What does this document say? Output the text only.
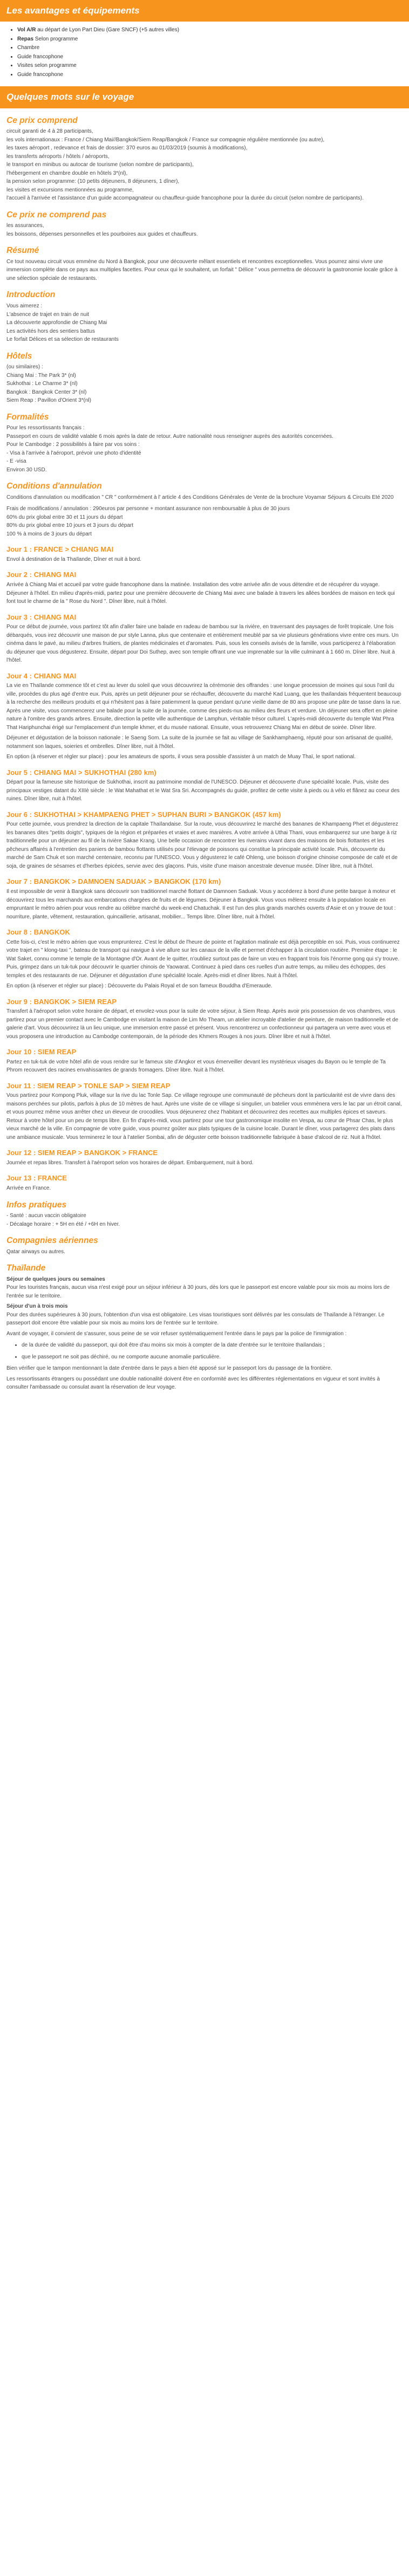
Les avantages et équipements
• Vol A/R au départ de Lyon Part Dieu (Gare SNCF) (+5 autres villes)
• Repas Selon programme
• Chambre
• Guide francophone
• Visites selon programme
• Guide francophone
Quelques mots sur le voyage
Ce prix comprend

circuit garanti de 4 à 28 participants,

les vols internationaux : France / Chiang Mai//Bangkok/Siem Reap/Bangkok / France sur compagnie régulière mentionnée (ou autre),

les taxes aéroport , redevance et frais de dossier: 370 euros au 01/03/2019 (soumis à modifications),

les transferts aéroports / hôtels / aéroports,

le transport en minibus ou autocar de tourisme (selon nombre de participants),

l'hébergement en chambre double en hôtels 3*(nl),

la pension selon programme: (10 petits déjeuners, 8 déjeuners, 1 dîner),

les visites et excursions mentionnées au programme,

l'accueil à l'arrivée et l'assistance d'un guide accompagnateur ou chauffeur-guide francophone pour la durée du circuit (selon nombre de participants).

Ce prix ne comprend pas

les assurances,

les boissons, dépenses personnelles et les pourboires aux guides et chauffeurs.

Résumé

Ce tout nouveau circuit vous emmène du Nord à Bangkok, pour une découverte mêlant essentiels et rencontres exceptionnelles. Vous pourrez ainsi vivre une immersion complète dans ce pays aux multiples facettes. Pour ceux qui le souhaitent, un forfait " Délice " vous permettra de découvrir la gastronomie locale grâce à une sélection spéciale de restaurants.

Introduction

Vous aimerez :

L'absence de trajet en train de nuit

La découverte approfondie de Chiang Mai

Les activités hors des sentiers battus

Le forfait Délices et sa sélection de restaurants

Hôtels

(ou similaires) :

Chiang Mai : The Park 3* (nl)

Sukhothai : Le Charme 3* (nl)

Bangkok : Bangkok Center 3* (nl)

Siem Reap : Pavillon d'Orient 3*(nl)

Formalités

Pour les ressortissants français :

Passeport en cours de validité valable 6 mois après la date de retour. Autre nationalité nous renseigner auprès des autorités concernées.

Pour le Cambodge : 2 possibilités à faire par vos soins :

- Visa à l'arrivée à l'aéroport, prévoir une photo d'identité

- E -visa

Environ 30 USD.

Conditions d'annulation

Conditions d'annulation ou modification " CR " conformément à l' article 4 des Conditions Générales de Vente de la brochure Voyamar Séjours & Circuits Eté 2020

Frais de modifications / annulation : 290euros par personne + montant assurance non remboursable à plus de 30 jours

60% du prix global entre 30 et 11 jours du départ

80% du prix global entre 10 jours et 3 jours du départ

100 % à moins de 3 jours du départ

Jour 1 : FRANCE > CHIANG MAI

Envol à destination de la Thaïlande, Dîner et nuit à bord.

Jour 2 : CHIANG MAI

Arrivée à Chiang Mai et accueil par votre guide francophone dans la matinée. Installation des votre arrivée afin de vous détendre et de récupérer du voyage. Déjeuner à l'hôtel. En milieu d'après-midi, partez pour une première découverte de Chiang Mai avec une balade à travers les allées bordées de maison en teck qui font tout le charme de la " Rose du Nord ". Dîner libre, nuit à l'hôtel.

Jour 3 : CHIANG MAI

Pour ce début de journée, vous partirez tôt afin d'aller faire une balade en radeau de bambou sur la rivière, en traversant des paysages de forêt tropicale. Une fois débarqués, vous irez découvrir une maison de pur style Lanna, plus que centenaire et entièrement meublé par sa vie plusieurs générations vivre entre ces murs. Un cinéma dans le pavé, au milieu d'arbres fruitiers, de plantes médicinales et d'aromates. Puis, sous les conseils avisés de la famille, vous participerez à l'élaboration du déjeuner que vous dégusterez. Ensuite, départ pour Doi Suthep, avec son temple offrant une vue imprenable sur la ville culminant à 1 660 m. Dîner libre. Nuit à l'hôtel.

Jour 4 : CHIANG MAI

La vie en Thaïlande commence tôt et c'est au lever du soleil que vous découvrirez la cérémonie des offrandes : une longue procession de moines qui sous l'œil du ville, procèdes du plus agé d'entre eux. Puis, après un petit déjeuner pour se réchauffer, découverte du marché Kad Luang, que les thaïlandais fréquentent beaucoup à la recherche des meilleurs produits et qui n'hésitent pas à faire patiemment la queue pendant qu'une vieille dame de 80 ans propose une pâte de tasse dans la rue. Après une visite, vous commencerez une balade pour la suite de la journée, comme des pieds-nus au milieu des fleurs et verdure. Un déjeuner sera offert en pleine nature à l'ombre des grands arbres. Ensuite, direction la petite ville authentique de Lamphun, véritable trésor culturel. L'après-midi découverte du temple Wat Phra That Hariphunchai érigé sur l'emplacement d'un temple khmer, et du musée national. Ensuite, vous retrouverez Chiang Mai en début de soirée. Dîner libre.

Déjeuner et dégustation de la boisson nationale : le Saeng Som. La suite de la journée se fait au village de Sankhamphaeng, réputé pour son artisanat de qualité, notamment son laques, soieries et ombrelles. Dîner libre, nuit à l'hôtel.

En option (à réserver et régler sur place) : pour les amateurs de sports, il vous sera possible d'assister à un match de Muay Thaï, le sport national.

Jour 5 : CHIANG MAI > SUKHOTHAI (280 km)

Départ pour la fameuse site historique de Sukhothai, inscrit au patrimoine mondial de l'UNESCO. Déjeuner et découverte d'une spécialité locale. Puis, visite des principaux vestiges datant du XIIIè siècle : le Wat Mahathat et le Wat Sra Sri. Accompagnés du guide, profitez de cette visite à pieds ou à vélo et flânez au coeur des ruines. Dîner libre, nuit à l'hôtel.

Jour 6 : SUKHOTHAI > KHAMPAENG PHET > SUPHAN BURI > BANGKOK (457 km)

Pour cette journée, vous prendrez la direction de la capitale Thaïlandaise. Sur la route, vous découvrirez le marché des bananes de Khampaeng Phet et dégusterez les bananes dites "petits doigts", typiques de la région et préparées et vraies et avec manières. A votre arrivée à Uthai Thani, vous embarquerez sur une barge à riz traditionnelle pour un déjeuner au fil de la rivière Sakae Krang. Une belle occasion de rencontrer les riverains vivant dans des maisons de bois flottantes et les pêcheurs affairés à l'entretien des paniers de bambou flottants utilisés pour l'élevage de poissons qui constitue la principale activité locale. Puis, découverte du marché de Sam Chuk et son marché centenaire, reconnu par l'UNESCO. Vous y dégusterez le café Ohleng, une boisson d'origine chinoise composée de café et de soja, de graines de sésames et d'herbes épicées, servie avec des glaçons. Puis, visite d'une maison ancestrale devenue musée. Dîner libre, nuit à l'hôtel.

Jour 7 : BANGKOK > DAMNOEN SADUAK > BANGKOK (170 km)

Il est impossible de venir à Bangkok sans découvrir son traditionnel marché flottant de Damnoen Saduak. Vous y accéderez à bord d'une petite barque à moteur et découvrirez tous les marchands aux embarcations chargées de fruits et de légumes. Déjeuner à Bangkok. Vous vous mêlerez ensuite à la population locale en empruntant le métro aérien pour vous rendre au célèbre marché du week-end Chatuchak. Il est l'un des plus grands marchés ouverts d'Asie et on y trouve de tout : nourriture, plante, vêtement, restauration, quincaillerie, artisanat, mobilier... Temps libre. Dîner libre, nuit à l'hôtel.

Jour 8 : BANGKOK

Cette fois-ci, c'est le métro aérien que vous emprunterez. C'est le début de l'heure de pointe et l'agitation matinale est déjà perceptible en soi. Puis, vous continuerez votre trajet en " klong-taxi ", bateau de transport qui navigue à vive allure sur les canaux de la ville et permet d'échapper à la circulation routière. Première étape : le Wat Saket, connu comme le temple de la Montagne d'Or. Avant de le quitter, n'oubliez surtout pas de faire un vœu en frappant trois fois l'énorme gong qui s'y trouve. Puis, grimpez dans un tuk-tuk pour découvrir le quartier chinois de Yaowarat. Continuez à pied dans ces ruelles d'un autre temps, au milieu des échoppes, des temples et des restaurants de rue. Déjeuner et dégustation d'une spécialité locale. Après-midi et dîner libres. Nuit à l'hôtel.

En option (à réserver et régler sur place) : Découverte du Palais Royal et de son fameux Bouddha d'Emeraude.

Jour 9 : BANGKOK > SIEM REAP

Transfert à l'aéroport selon votre horaire de départ, et envolez-vous pour la suite de votre séjour, à Siem Reap. Après avoir pris possession de vos chambres, vous partirez pour un premier contact avec le Cambodge en visitant la maison de Lim Mo Theam, un atelier incroyable d'atelier de peinture, de maison traditionnelle et de galerie d'art. Vous découvrirez là un lieu unique, une immersion entre passé et présent. Vous rencontrerez un confectionneur qui partagera un verre avec vous et vous proposera une introduction au Cambodge contemporain, de la période des Khmers Rouges à nos jours. Dîner libre et nuit à l'hôtel.

Jour 10 : SIEM REAP

Partez en tuk-tuk de votre hôtel afin de vous rendre sur le fameux site d'Angkor et vous émerveiller devant les mystérieux visages du Bayon ou le temple de Ta Phrom recouvert des racines envahissantes de grands fromagers. Dîner libre. Nuit à l'hôtel.

Jour 11 : SIEM REAP > TONLE SAP > SIEM REAP

Vous partirez pour Kompong Pluk, village sur la rive du lac Tonle Sap. Ce village regroupe une communauté de pêcheurs dont la particularité est de vivre dans des maisons perchées sur pilotis, parfois à plus de 10 mètres de haut. Après une visite de ce village si singulier, un batelier vous emmènera vers le lac par un étroit canal, et vous pourrez même vous arrêter chez un éleveur de crocodiles. Vous déjeunerez chez l'habitant et découvrirez des recettes aux multiples épices et saveurs. Retour à votre hôtel pour un peu de temps libre. En fin d'après-midi, vous partirez pour une tour gastronomique insolite en Vespa, au cœur de Phsar Chas, le plus vieux marché de la ville. En compagnie de votre guide, vous pourrez goûter aux plats typiques de la cuisine locale. Durant le dîner, vous partagerez des plats dans une ambiance musicale. Vous terminerez le tour à l'atelier Sombai, afin de déguster cette boisson traditionnelle fabriquée à base d'alcool de riz. Nuit à l'hôtel.

Jour 12 : SIEM REAP > BANGKOK > FRANCE

Journée et repas libres. Transfert à l'aéroport selon vos horaires de départ. Embarquement, nuit à bord.

Jour 13 : FRANCE

Arrivée en France.

Infos pratiques

- Santé : aucun vaccin obligatoire

- Décalage horaire : + 5H en été / +6H en hiver.

Compagnies aériennes

Qatar airways ou autres.

Thaïlande

Séjour de quelques jours ou semaines

Pour les touristes français, aucun visa n'est exigé pour un séjour inférieur à 30 jours, dès lors que le passeport est encore valable pour six mois au moins lors de l'entrée sur le territoire.

Séjour d'un à trois mois

Pour des durées supérieures à 30 jours, l'obtention d'un visa est obligatoire. Les visas touristiques sont délivrés par les consulats de Thaïlande à l'étranger. Le passeport doit encore être valable pour six mois au moins lors de l'entrée sur le territoire.

Avant de voyager, il convient de s'assurer, sous peine de se voir refuser systématiquement l'entrée dans le pays par la police de l'immigration :

• de la durée de validité du passeport, qui doit être d'au moins six mois à compter de la date d'entrée sur le territoire thaïlandais ;
• que le passeport ne soit pas déchiré, ou ne comporte aucune anomalie particulière.

Bien vérifier que le tampon mentionnant la date d'entrée dans le pays a bien été apposé sur le passeport lors du passage de la frontière.

Les ressortissants étrangers ou possédant une double nationalité doivent être en conformité avec les différentes réglementations en vigueur et sont invités à consulter l'ambassade ou consulat avant la réservation de leur voyage.
